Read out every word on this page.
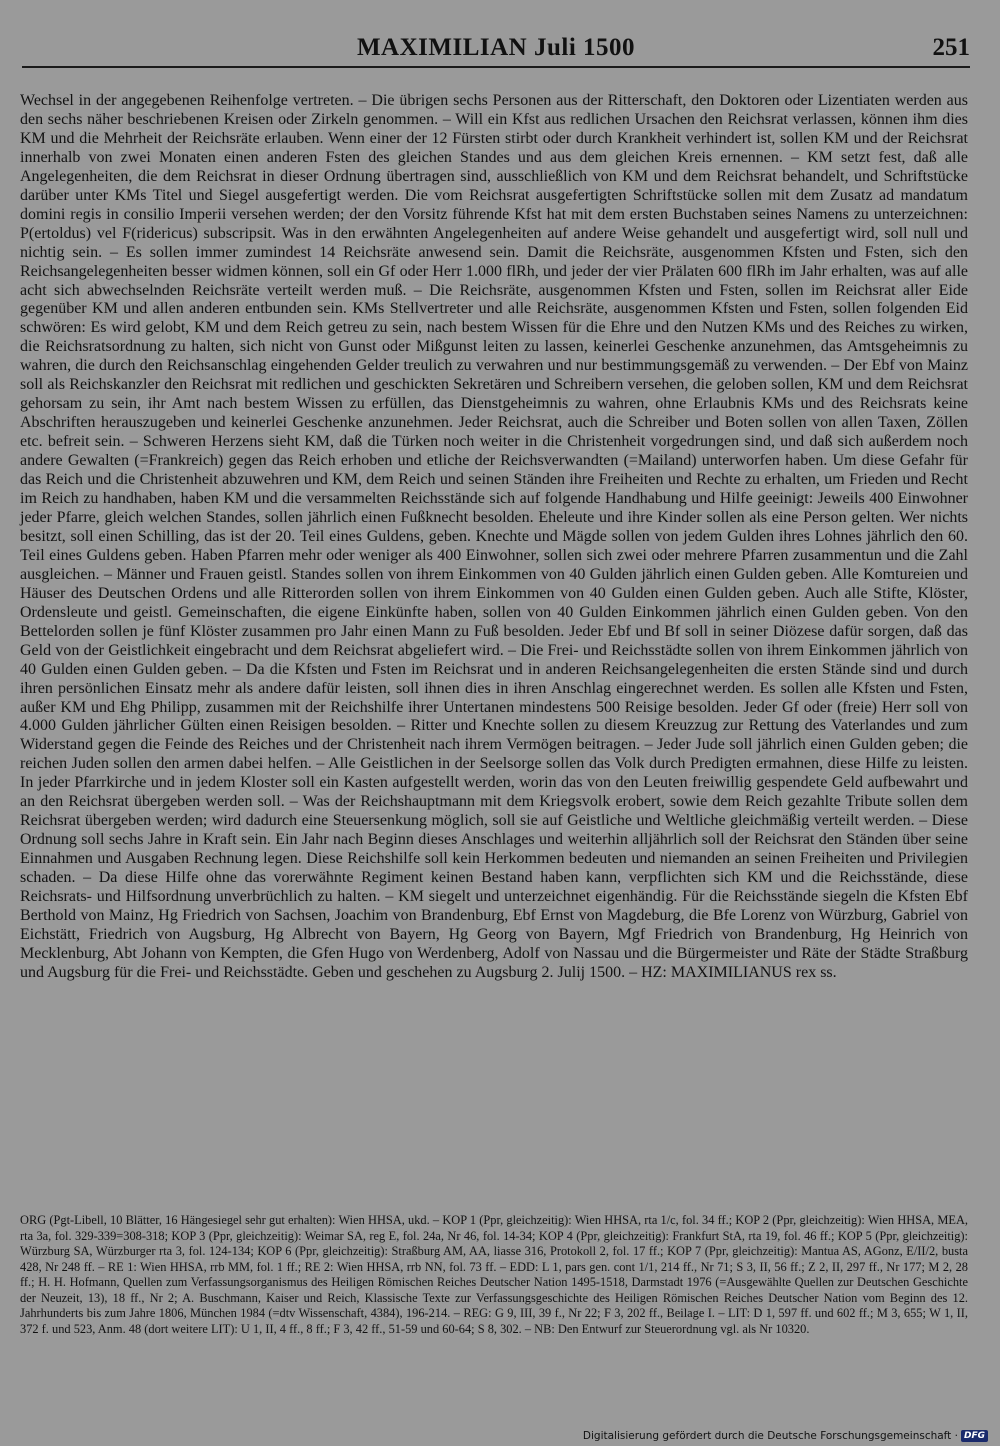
MAXIMILIAN Juli 1500	251

Wechsel in der angegebenen Reihenfolge vertreten. – Die übrigen sechs Personen aus der Ritterschaft, den Doktoren oder Lizentiaten werden aus den sechs näher beschriebenen Kreisen oder Zirkeln genommen. – Will ein Kfst aus redlichen Ursachen den Reichsrat verlassen, können ihm dies KM und die Mehrheit der Reichsräte erlauben. Wenn einer der 12 Fürsten stirbt oder durch Krankheit verhindert ist, sollen KM und der Reichsrat innerhalb von zwei Monaten einen anderen Fsten des gleichen Standes und aus dem gleichen Kreis ernennen. – KM setzt fest, daß alle Angelegenheiten, die dem Reichsrat in dieser Ordnung übertragen sind, ausschließlich von KM und dem Reichsrat behandelt, und Schriftstücke darüber unter KMs Titel und Siegel ausgefertigt werden. Die vom Reichsrat ausgefertigten Schriftstücke sollen mit dem Zusatz ad mandatum domini regis in consilio Imperii versehen werden; der den Vorsitz führende Kfst hat mit dem ersten Buchstaben seines Namens zu unterzeichnen: P(ertoldus) vel F(ridericus) subscripsit. Was in den erwähnten Angelegenheiten auf andere Weise gehandelt und ausgefertigt wird, soll null und nichtig sein. – Es sollen immer zumindest 14 Reichsräte anwesend sein. Damit die Reichsräte, ausgenommen Kfsten und Fsten, sich den Reichsangelegenheiten besser widmen können, soll ein Gf oder Herr 1.000 flRh, und jeder der vier Prälaten 600 flRh im Jahr erhalten, was auf alle acht sich abwechselnden Reichsräte verteilt werden muß. – Die Reichsräte, ausgenommen Kfsten und Fsten, sollen im Reichsrat aller Eide gegenüber KM und allen anderen entbunden sein. KMs Stellvertreter und alle Reichsräte, ausgenommen Kfsten und Fsten, sollen folgenden Eid schwören: Es wird gelobt, KM und dem Reich getreu zu sein, nach bestem Wissen für die Ehre und den Nutzen KMs und des Reiches zu wirken, die Reichsratsordnung zu halten, sich nicht von Gunst oder Mißgunst leiten zu lassen, keinerlei Geschenke anzunehmen, das Amtsgeheimnis zu wahren, die durch den Reichsanschlag eingehenden Gelder treulich zu verwahren und nur bestimmungsgemäß zu verwenden. – Der Ebf von Mainz soll als Reichskanzler den Reichsrat mit redlichen und geschickten Sekretären und Schreibern versehen, die geloben sollen, KM und dem Reichsrat gehorsam zu sein, ihr Amt nach bestem Wissen zu erfüllen, das Dienstgeheimnis zu wahren, ohne Erlaubnis KMs und des Reichsrats keine Abschriften herauszugeben und keinerlei Geschenke anzunehmen. Jeder Reichsrat, auch die Schreiber und Boten sollen von allen Taxen, Zöllen etc. befreit sein. – Schweren Herzens sieht KM, daß die Türken noch weiter in die Christenheit vorgedrungen sind, und daß sich außerdem noch andere Gewalten (=Frankreich) gegen das Reich erhoben und etliche der Reichsverwandten (=Mailand) unterworfen haben. Um diese Gefahr für das Reich und die Christenheit abzuwehren und KM, dem Reich und seinen Ständen ihre Freiheiten und Rechte zu erhalten, um Frieden und Recht im Reich zu handhaben, haben KM und die versammelten Reichsstände sich auf folgende Handhabung und Hilfe geeinigt: Jeweils 400 Einwohner jeder Pfarre, gleich welchen Standes, sollen jährlich einen Fußknecht besolden. Eheleute und ihre Kinder sollen als eine Person gelten. Wer nichts besitzt, soll einen Schilling, das ist der 20. Teil eines Guldens, geben. Knechte und Mägde sollen von jedem Gulden ihres Lohnes jährlich den 60. Teil eines Guldens geben. Haben Pfarren mehr oder weniger als 400 Einwohner, sollen sich zwei oder mehrere Pfarren zusammentun und die Zahl ausgleichen. – Männer und Frauen geistl. Standes sollen von ihrem Einkommen von 40 Gulden jährlich einen Gulden geben. Alle Komtureien und Häuser des Deutschen Ordens und alle Ritterorden sollen von ihrem Einkommen von 40 Gulden einen Gulden geben. Auch alle Stifte, Klöster, Ordensleute und geistl. Gemeinschaften, die eigene Einkünfte haben, sollen von 40 Gulden Einkommen jährlich einen Gulden geben. Von den Bettelorden sollen je fünf Klöster zusammen pro Jahr einen Mann zu Fuß besolden. Jeder Ebf und Bf soll in seiner Diözese dafür sorgen, daß das Geld von der Geistlichkeit eingebracht und dem Reichsrat abgeliefert wird. – Die Frei- und Reichsstädte sollen von ihrem Einkommen jährlich von 40 Gulden einen Gulden geben. – Da die Kfsten und Fsten im Reichsrat und in anderen Reichsangelegenheiten die ersten Stände sind und durch ihren persönlichen Einsatz mehr als andere dafür leisten, soll ihnen dies in ihren Anschlag eingerechnet werden. Es sollen alle Kfsten und Fsten, außer KM und Ehg Philipp, zusammen mit der Reichshilfe ihrer Untertanen mindestens 500 Reisige besolden. Jeder Gf oder (freie) Herr soll von 4.000 Gulden jährlicher Gülten einen Reisigen besolden. – Ritter und Knechte sollen zu diesem Kreuzzug zur Rettung des Vaterlandes und zum Widerstand gegen die Feinde des Reiches und der Christenheit nach ihrem Vermögen beitragen. – Jeder Jude soll jährlich einen Gulden geben; die reichen Juden sollen den armen dabei helfen. – Alle Geistlichen in der Seelsorge sollen das Volk durch Predigten ermahnen, diese Hilfe zu leisten. In jeder Pfarrkirche und in jedem Kloster soll ein Kasten aufgestellt werden, worin das von den Leuten freiwillig gespendete Geld aufbewahrt und an den Reichsrat übergeben werden soll. – Was der Reichshauptmann mit dem Kriegsvolk erobert, sowie dem Reich gezahlte Tribute sollen dem Reichsrat übergeben werden; wird dadurch eine Steuersenkung möglich, soll sie auf Geistliche und Weltliche gleichmäßig verteilt werden. – Diese Ordnung soll sechs Jahre in Kraft sein. Ein Jahr nach Beginn dieses Anschlages und weiterhin alljährlich soll der Reichsrat den Ständen über seine Einnahmen und Ausgaben Rechnung legen. Diese Reichshilfe soll kein Herkommen bedeuten und niemanden an seinen Freiheiten und Privilegien schaden. – Da diese Hilfe ohne das vorerwähnte Regiment keinen Bestand haben kann, verpflichten sich KM und die Reichsstände, diese Reichsrats- und Hilfsordnung unverbrüchlich zu halten. – KM siegelt und unterzeichnet eigenhändig. Für die Reichsstände siegeln die Kfsten Ebf Berthold von Mainz, Hg Friedrich von Sachsen, Joachim von Brandenburg, Ebf Ernst von Magdeburg, die Bfe Lorenz von Würzburg, Gabriel von Eichstätt, Friedrich von Augsburg, Hg Albrecht von Bayern, Hg Georg von Bayern, Mgf Friedrich von Brandenburg, Hg Heinrich von Mecklenburg, Abt Johann von Kempten, die Gfen Hugo von Werdenberg, Adolf von Nassau und die Bürgermeister und Räte der Städte Straßburg und Augsburg für die Frei- und Reichsstädte. Geben und geschehen zu Augsburg 2. Julij 1500. – HZ: MAXIMILIANUS rex ss.

ORG (Pgt-Libell, 10 Blätter, 16 Hängesiegel sehr gut erhalten): Wien HHSA, ukd. – KOP 1 (Ppr, gleichzeitig): Wien HHSA, rta 1/c, fol. 34 ff.; KOP 2 (Ppr, gleichzeitig): Wien HHSA, MEA, rta 3a, fol. 329-339=308-318; KOP 3 (Ppr, gleichzeitig): Weimar SA, reg E, fol. 24a, Nr 46, fol. 14-34; KOP 4 (Ppr, gleichzeitig): Frankfurt StA, rta 19, fol. 46 ff.; KOP 5 (Ppr, gleichzeitig): Würzburg SA, Würzburger rta 3, fol. 124-134; KOP 6 (Ppr, gleichzeitig): Straßburg AM, AA, liasse 316, Protokoll 2, fol. 17 ff.; KOP 7 (Ppr, gleichzeitig): Mantua AS, AGonz, E/II/2, busta 428, Nr 248 ff. – RE 1: Wien HHSA, rrb MM, fol. 1 ff.; RE 2: Wien HHSA, rrb NN, fol. 73 ff. – EDD: L 1, pars gen. cont 1/1, 214 ff., Nr 71; S 3, II, 56 ff.; Z 2, II, 297 ff., Nr 177; M 2, 28 ff.; H. H. Hofmann, Quellen zum Verfassungsorganismus des Heiligen Römischen Reiches Deutscher Nation 1495-1518, Darmstadt 1976 (=Ausgewählte Quellen zur Deutschen Geschichte der Neuzeit, 13), 18 ff., Nr 2; A. Buschmann, Kaiser und Reich, Klassische Texte zur Verfassungsgeschichte des Heiligen Römischen Reiches Deutscher Nation vom Beginn des 12. Jahrhunderts bis zum Jahre 1806, München 1984 (=dtv Wissenschaft, 4384), 196-214. – REG: G 9, III, 39 f., Nr 22; F 3, 202 ff., Beilage I. – LIT: D 1, 597 ff. und 602 ff.; M 3, 655; W 1, II, 372 f. und 523, Anm. 48 (dort weitere LIT): U 1, II, 4 ff., 8 ff.; F 3, 42 ff., 51-59 und 60-64; S 8, 302. – NB: Den Entwurf zur Steuerordnung vgl. als Nr 10320.

Digitalisierung gefördert durch die Deutsche Forschungsgemeinschaft · DFG
